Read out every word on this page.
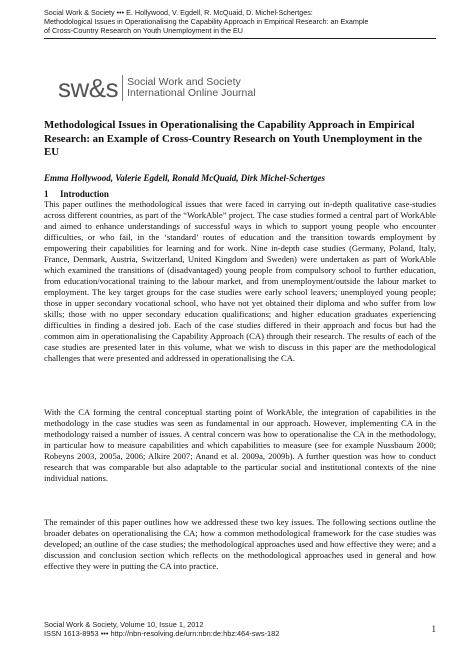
Social Work & Society ••• E. Hollywood, V. Egdell, R. McQuaid, D. Michel-Schertges:
Methodological Issues in Operationalising the Capability Approach in Empirical Research: an Example
of Cross-Country Research on Youth Unemployment in the EU
sw&s Social Work and Society
International Online Journal
Methodological Issues in Operationalising the Capability Approach in Empirical Research: an Example of Cross-Country Research on Youth Unemployment in the EU
Emma Hollywood, Valerie Egdell, Ronald McQuaid, Dirk Michel-Schertges
1 Introduction

This paper outlines the methodological issues that were faced in carrying out in-depth qualitative case-studies across different countries, as part of the “WorkAble” project. The case studies formed a central part of WorkAble and aimed to enhance understandings of successful ways in which to support young people who encounter difficulties, or who fail, in the ‘standard’ routes of education and the transition towards employment by empowering their capabilities for learning and for work. Nine in-depth case studies (Germany, Poland, Italy, France, Denmark, Austria, Switzerland, United Kingdom and Sweden) were undertaken as part of WorkAble which examined the transitions of (disadvantaged) young people from compulsory school to further education, from education/vocational training to the labour market, and from unemployment/outside the labour market to employment. The key target groups for the case studies were early school leavers; unemployed young people; those in upper secondary vocational school, who have not yet obtained their diploma and who suffer from low skills; those with no upper secondary education qualifications; and higher education graduates experiencing difficulties in finding a desired job. Each of the case studies differed in their approach and focus but had the common aim in operationalising the Capability Approach (CA) through their research. The results of each of the case studies are presented later in this volume, what we wish to discuss in this paper are the methodological challenges that were presented and addressed in operationalising the CA.

With the CA forming the central conceptual starting point of WorkAble, the integration of capabilities in the methodology in the case studies was seen as fundamental in our approach. However, implementing CA in the methodology raised a number of issues. A central concern was how to operationalise the CA in the methodology, in particular how to measure capabilities and which capabilities to measure (see for example Nussbaum 2000; Robeyns 2003, 2005a, 2006; Alkire 2007; Anand et al. 2009a, 2009b). A further question was how to conduct research that was comparable but also adaptable to the particular social and institutional contexts of the nine individual nations.

The remainder of this paper outlines how we addressed these two key issues. The following sections outline the broader debates on operationalising the CA; how a common methodological framework for the case studies was developed; an outline of the case studies; the methodological approaches used and how effective they were; and a discussion and conclusion section which reflects on the methodological approaches used in general and how effective they were in putting the CA into practice.

Social Work & Society, Volume 10, Issue 1, 2012
ISSN 1613-8953 ••• http://nbn-resolving.de/urn:nbn:de:hbz:464-sws-182	1
